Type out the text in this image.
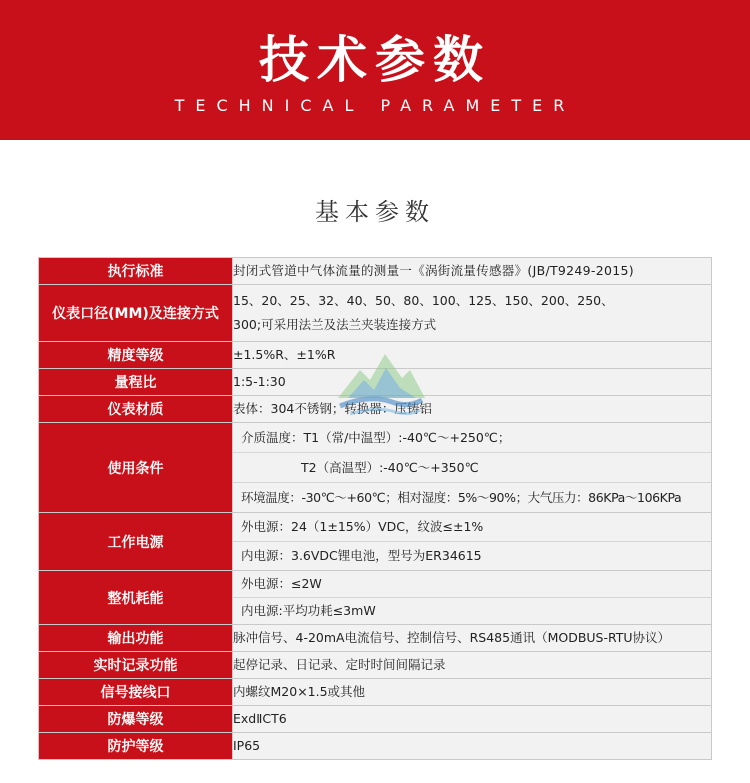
技术参数
TECHNICAL PARAMETER
基本参数
执行标准	封闭式管道中气体流量的测量一《涡街流量传感器》(JB/T9249-2015)

仪表口径(MM)及连接方式	15、20、25、32、40、50、80、100、125、150、200、250、
300;可采用法兰及法兰夹装连接方式

精度等级	±1.5%R、±1%R

量程比	1:5-1:30

仪表材质	表体：304不锈钢；转换器：压铸铝

使用条件	介质温度：T1（常/中温型）:-40℃～+250℃；
T2（高温型）:-40℃～+350℃
环境温度：-30℃～+60℃；相对湿度：5%～90%；大气压力：86KPa～106KPa

工作电源	外电源：24（1±15%）VDC，纹波≤±1%
内电源：3.6VDC锂电池，型号为ER34615

整机耗能	外电源：≤2W
内电源:平均功耗≤3mW

输出功能	脉冲信号、4-20mA电流信号、控制信号、RS485通讯（MODBUS-RTU协议）

实时记录功能	起停记录、日记录、定时时间间隔记录

信号接线口	内螺纹M20×1.5或其他

防爆等级	ExdⅡCT6

防护等级	IP65
